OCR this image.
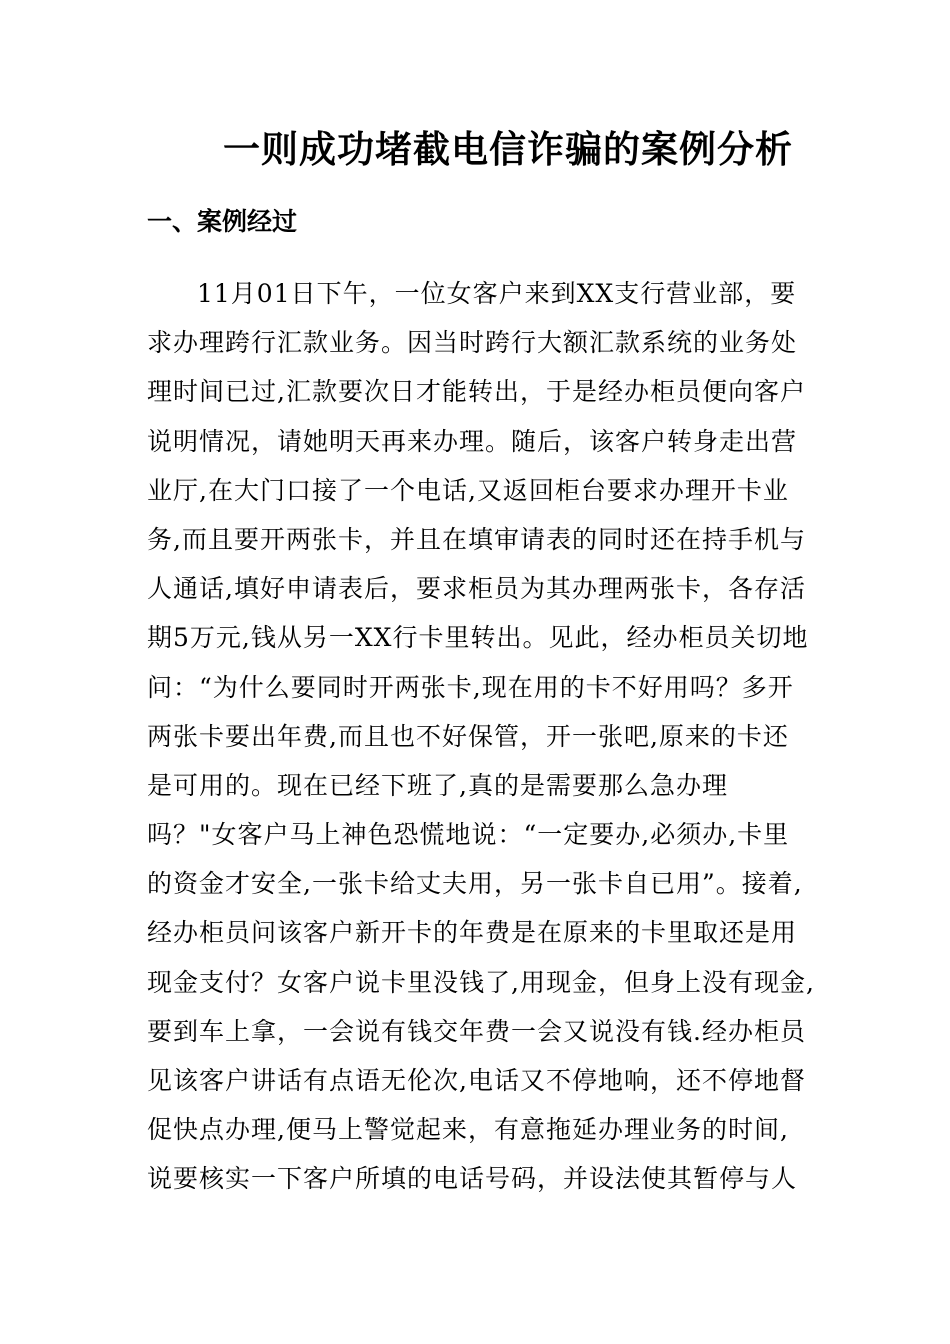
一则成功堵截电信诈骗的案例分析
一、案例经过
11月01日下午，一位女客户来到XX支行营业部，要
求办理跨行汇款业务。因当时跨行大额汇款系统的业务处
理时间已过,汇款要次日才能转出，于是经办柜员便向客户
说明情况，请她明天再来办理。随后，该客户转身走出营
业厅,在大门口接了一个电话,又返回柜台要求办理开卡业
务,而且要开两张卡，并且在填审请表的同时还在持手机与
人通话,填好申请表后，要求柜员为其办理两张卡，各存活
期5万元,钱从另一XX行卡里转出。见此，经办柜员关切地
问：“为什么要同时开两张卡,现在用的卡不好用吗？多开
两张卡要出年费,而且也不好保管，开一张吧,原来的卡还
是可用的。现在已经下班了,真的是需要那么急办理
吗？"女客户马上神色恐慌地说：“一定要办,必须办,卡里
的资金才安全,一张卡给丈夫用，另一张卡自已用”。接着,
经办柜员问该客户新开卡的年费是在原来的卡里取还是用
现金支付？女客户说卡里没钱了,用现金，但身上没有现金,
要到车上拿，一会说有钱交年费一会又说没有钱.经办柜员
见该客户讲话有点语无伦次,电话又不停地响，还不停地督
促快点办理,便马上警觉起来，有意拖延办理业务的时间,
说要核实一下客户所填的电话号码，并设法使其暂停与人
